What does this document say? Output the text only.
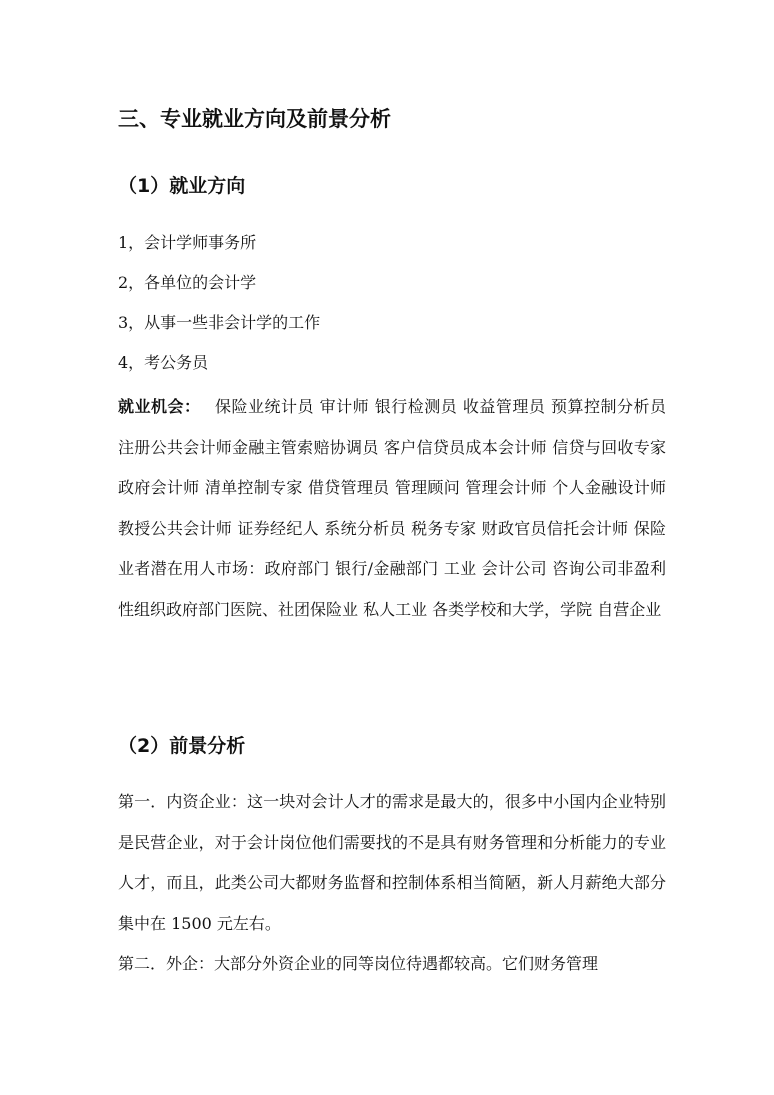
三、专业就业方向及前景分析
（1）就业方向

1，会计学师事务所

2，各单位的会计学

3，从事一些非会计学的工作

4，考公务员

就业机会： 保险业统计员 审计师 银行检测员 收益管理员 预算控制分析员 注册公共会计师金融主管索赔协调员 客户信贷员成本会计师 信贷与回收专家政府会计师 清单控制专家 借贷管理员 管理顾问 管理会计师 个人金融设计师教授公共会计师 证券经纪人 系统分析员 税务专家 财政官员信托会计师 保险业者潜在用人市场：政府部门 银行/金融部门 工业 会计公司 咨询公司非盈利性组织政府部门医院、社团保险业 私人工业 各类学校和大学，学院 自营企业

（2）前景分析

第一．内资企业：这一块对会计人才的需求是最大的，很多中小国内企业特别是民营企业，对于会计岗位他们需要找的不是具有财务管理和分析能力的专业人才，而且，此类公司大都财务监督和控制体系相当简陋，新人月薪绝大部分集中在 1500 元左右。

第二．外企：大部分外资企业的同等岗位待遇都较高。它们财务管理
